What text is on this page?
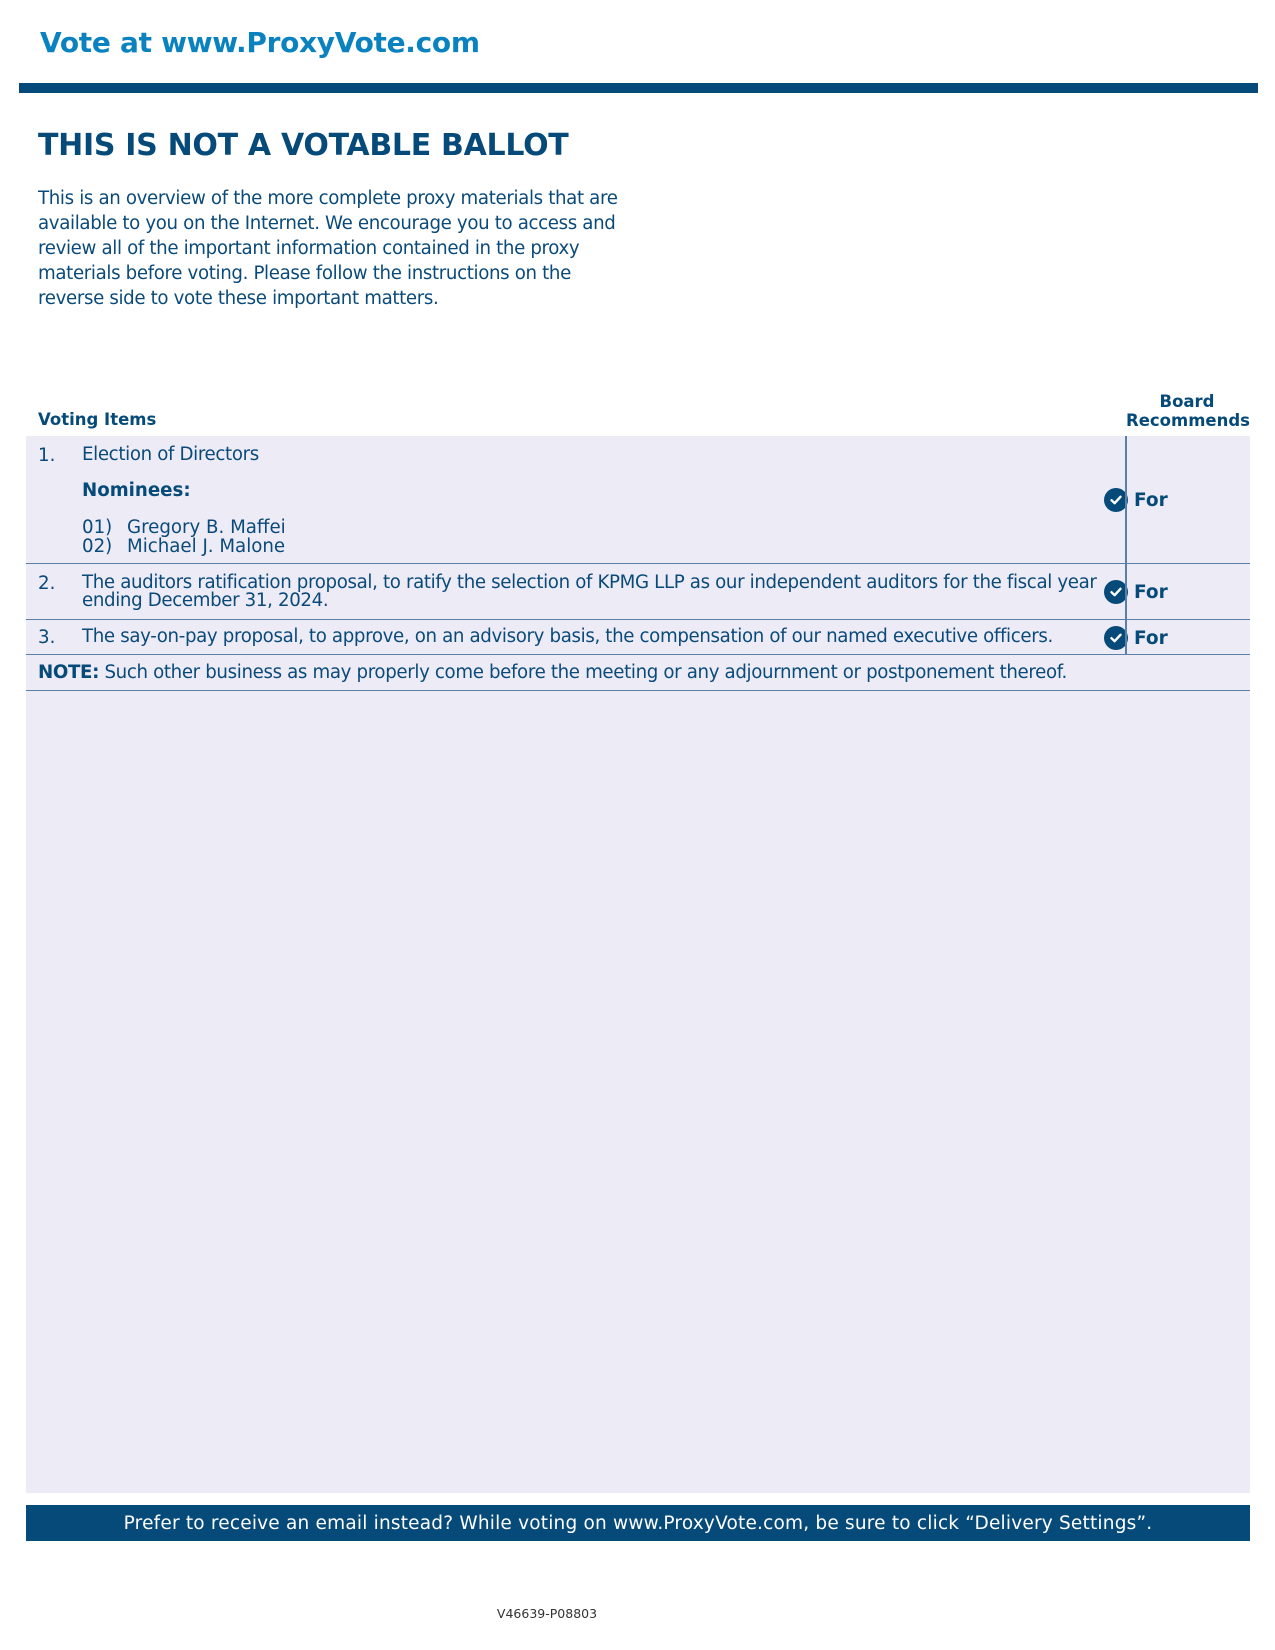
Vote at www.ProxyVote.com
THIS IS NOT A VOTABLE BALLOT

This is an overview of the more complete proxy materials that are available to you on the Internet. We encourage you to access and review all of the important information contained in the proxy materials before voting. Please follow the instructions on the reverse side to vote these important matters.

Voting Items
Board
Recommends
1. Election of Directors
Nominees:
01) Gregory B. Maffei
02) Michael J. Malone
For
2. The auditors ratification proposal, to ratify the selection of KPMG LLP as our independent auditors for the fiscal year
ending December 31, 2024.	For
3. The say-on-pay proposal, to approve, on an advisory basis, the compensation of our named executive officers.	For
NOTE: Such other business as may properly come before the meeting or any adjournment or postponement thereof.
Prefer to receive an email instead? While voting on www.ProxyVote.com, be sure to click “Delivery Settings”.
V46639-P08803
